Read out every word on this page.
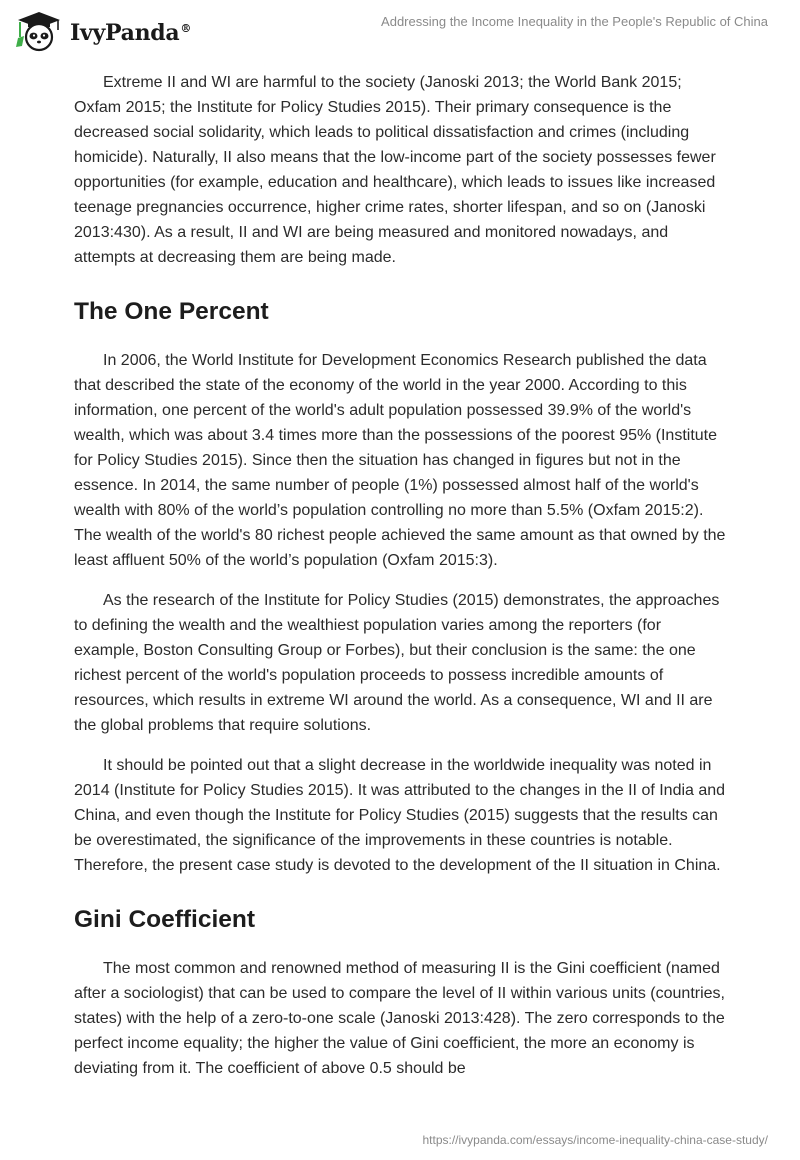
IvyPanda®	Addressing the Income Inequality in the People's Republic of China

Extreme II and WI are harmful to the society (Janoski 2013; the World Bank 2015; Oxfam 2015; the Institute for Policy Studies 2015). Their primary consequence is the decreased social solidarity, which leads to political dissatisfaction and crimes (including homicide). Naturally, II also means that the low-income part of the society possesses fewer opportunities (for example, education and healthcare), which leads to issues like increased teenage pregnancies occurrence, higher crime rates, shorter lifespan, and so on (Janoski 2013:430). As a result, II and WI are being measured and monitored nowadays, and attempts at decreasing them are being made.

The One Percent

In 2006, the World Institute for Development Economics Research published the data that described the state of the economy of the world in the year 2000. According to this information, one percent of the world's adult population possessed 39.9% of the world's wealth, which was about 3.4 times more than the possessions of the poorest 95% (Institute for Policy Studies 2015). Since then the situation has changed in figures but not in the essence. In 2014, the same number of people (1%) possessed almost half of the world's wealth with 80% of the world’s population controlling no more than 5.5% (Oxfam 2015:2). The wealth of the world's 80 richest people achieved the same amount as that owned by the least affluent 50% of the world’s population (Oxfam 2015:3).

As the research of the Institute for Policy Studies (2015) demonstrates, the approaches to defining the wealth and the wealthiest population varies among the reporters (for example, Boston Consulting Group or Forbes), but their conclusion is the same: the one richest percent of the world's population proceeds to possess incredible amounts of resources, which results in extreme WI around the world. As a consequence, WI and II are the global problems that require solutions.

It should be pointed out that a slight decrease in the worldwide inequality was noted in 2014 (Institute for Policy Studies 2015). It was attributed to the changes in the II of India and China, and even though the Institute for Policy Studies (2015) suggests that the results can be overestimated, the significance of the improvements in these countries is notable. Therefore, the present case study is devoted to the development of the II situation in China.

Gini Coefficient

The most common and renowned method of measuring II is the Gini coefficient (named after a sociologist) that can be used to compare the level of II within various units (countries, states) with the help of a zero-to-one scale (Janoski 2013:428). The zero corresponds to the perfect income equality; the higher the value of Gini coefficient, the more an economy is deviating from it. The coefficient of above 0.5 should be

https://ivypanda.com/essays/income-inequality-china-case-study/
